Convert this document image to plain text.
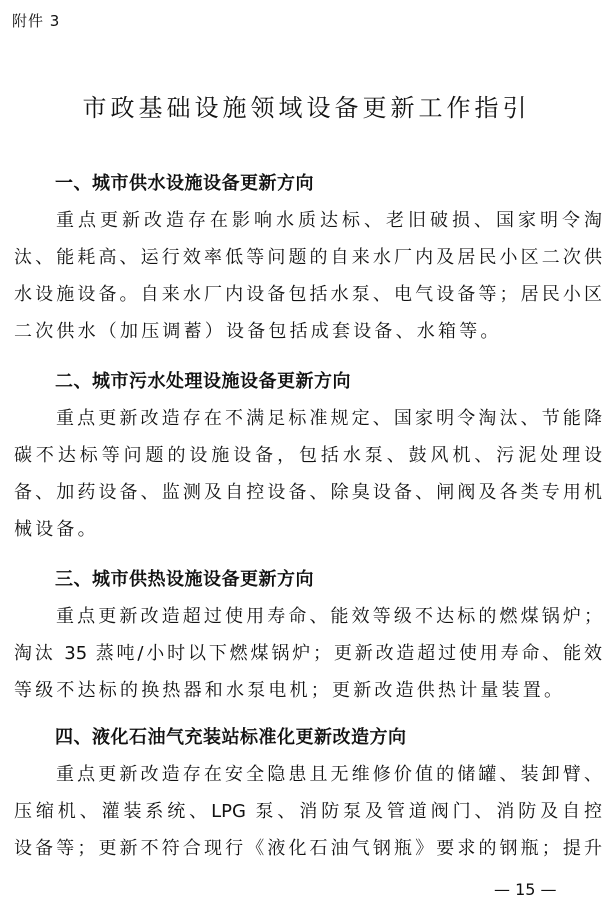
附件 3
市政基础设施领域设备更新工作指引
一、城市供水设施设备更新方向
重点更新改造存在影响水质达标、老旧破损、国家明令淘
汰、能耗高、运行效率低等问题的自来水厂内及居民小区二次供
水设施设备。自来水厂内设备包括水泵、电气设备等；居民小区
二次供水（加压调蓄）设备包括成套设备、水箱等。
二、城市污水处理设施设备更新方向
重点更新改造存在不满足标准规定、国家明令淘汰、节能降
碳不达标等问题的设施设备，包括水泵、鼓风机、污泥处理设
备、加药设备、监测及自控设备、除臭设备、闸阀及各类专用机
械设备。
三、城市供热设施设备更新方向
重点更新改造超过使用寿命、能效等级不达标的燃煤锅炉；
淘汰 35 蒸吨/小时以下燃煤锅炉；更新改造超过使用寿命、能效
等级不达标的换热器和水泵电机；更新改造供热计量装置。
四、液化石油气充装站标准化更新改造方向
重点更新改造存在安全隐患且无维修价值的储罐、装卸臂、
压缩机、灌装系统、LPG 泵、消防泵及管道阀门、消防及自控
设备等；更新不符合现行《液化石油气钢瓶》要求的钢瓶；提升
— 15 —
